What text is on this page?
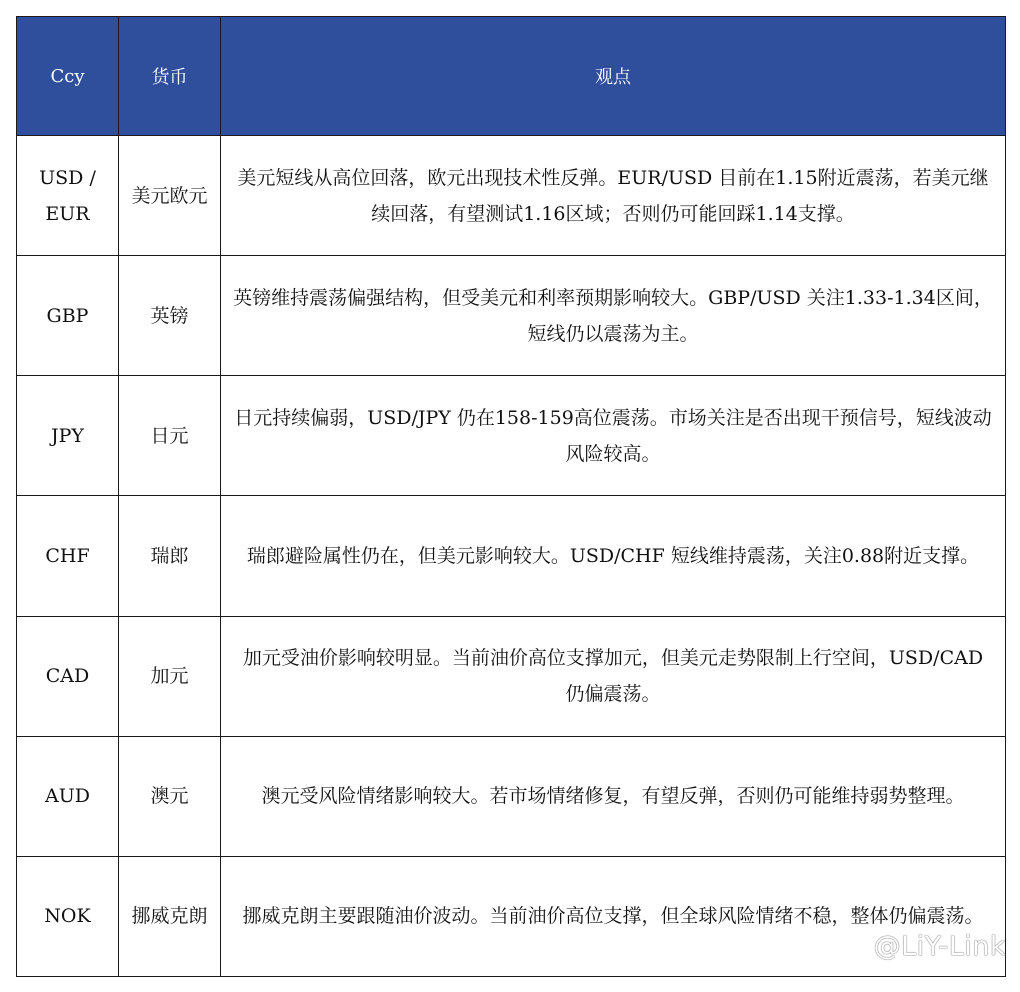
Ccy	货币	观点
USD / EUR	美元欧元	美元短线从高位回落，欧元出现技术性反弹。EUR/USD 目前在1.15附近震荡，若美元继续回落，有望测试1.16区域；否则仍可能回踩1.14支撑。
GBP	英镑	英镑维持震荡偏强结构，但受美元和利率预期影响较大。GBP/USD 关注1.33-1.34区间，短线仍以震荡为主。
JPY	日元	日元持续偏弱，USD/JPY 仍在158-159高位震荡。市场关注是否出现干预信号，短线波动风险较高。
CHF	瑞郎	瑞郎避险属性仍在，但美元影响较大。USD/CHF 短线维持震荡，关注0.88附近支撑。
CAD	加元	加元受油价影响较明显。当前油价高位支撑加元，但美元走势限制上行空间，USD/CAD 仍偏震荡。
AUD	澳元	澳元受风险情绪影响较大。若市场情绪修复，有望反弹，否则仍可能维持弱势整理。
NOK	挪威克朗	挪威克朗主要跟随油价波动。当前油价高位支撑，但全球风险情绪不稳，整体仍偏震荡。
@LiY-Link
